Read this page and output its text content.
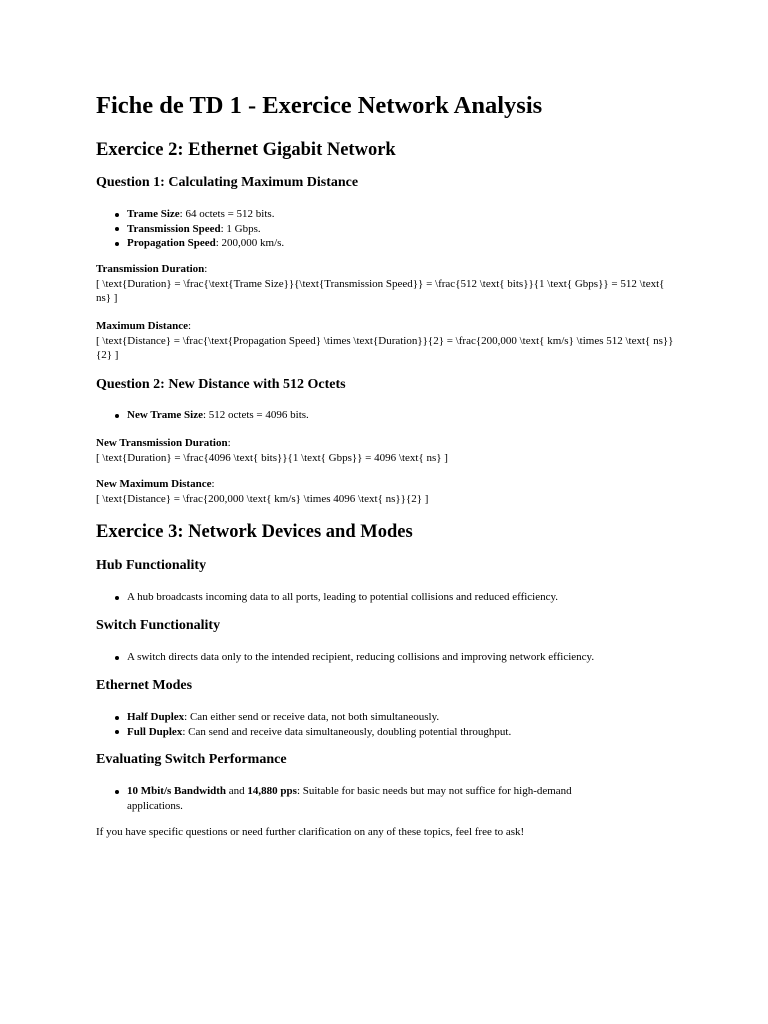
Fiche de TD 1 - Exercice Network Analysis
Exercice 2: Ethernet Gigabit Network
Question 1: Calculating Maximum Distance
Trame Size: 64 octets = 512 bits.
Transmission Speed: 1 Gbps.
Propagation Speed: 200,000 km/s.

Transmission Duration:
[ \text{Duration} = \frac{\text{Trame Size}}{\text{Transmission Speed}} = \frac{512 \text{ bits}}{1 \text{ Gbps}} = 512 \text{ ns} ]

Maximum Distance:
[ \text{Distance} = \frac{\text{Propagation Speed} \times \text{Duration}}{2} = \frac{200,000 \text{ km/s} \times 512 \text{ ns}}{2} ]

Question 2: New Distance with 512 Octets
New Trame Size: 512 octets = 4096 bits.

New Transmission Duration:
[ \text{Duration} = \frac{4096 \text{ bits}}{1 \text{ Gbps}} = 4096 \text{ ns} ]

New Maximum Distance:
[ \text{Distance} = \frac{200,000 \text{ km/s} \times 4096 \text{ ns}}{2} ]

Exercice 3: Network Devices and Modes
Hub Functionality
A hub broadcasts incoming data to all ports, leading to potential collisions and reduced efficiency.
Switch Functionality
A switch directs data only to the intended recipient, reducing collisions and improving network efficiency.
Ethernet Modes
Half Duplex: Can either send or receive data, not both simultaneously.
Full Duplex: Can send and receive data simultaneously, doubling potential throughput.
Evaluating Switch Performance
10 Mbit/s Bandwidth and 14,880 pps: Suitable for basic needs but may not suffice for high-demand applications.

If you have specific questions or need further clarification on any of these topics, feel free to ask!
